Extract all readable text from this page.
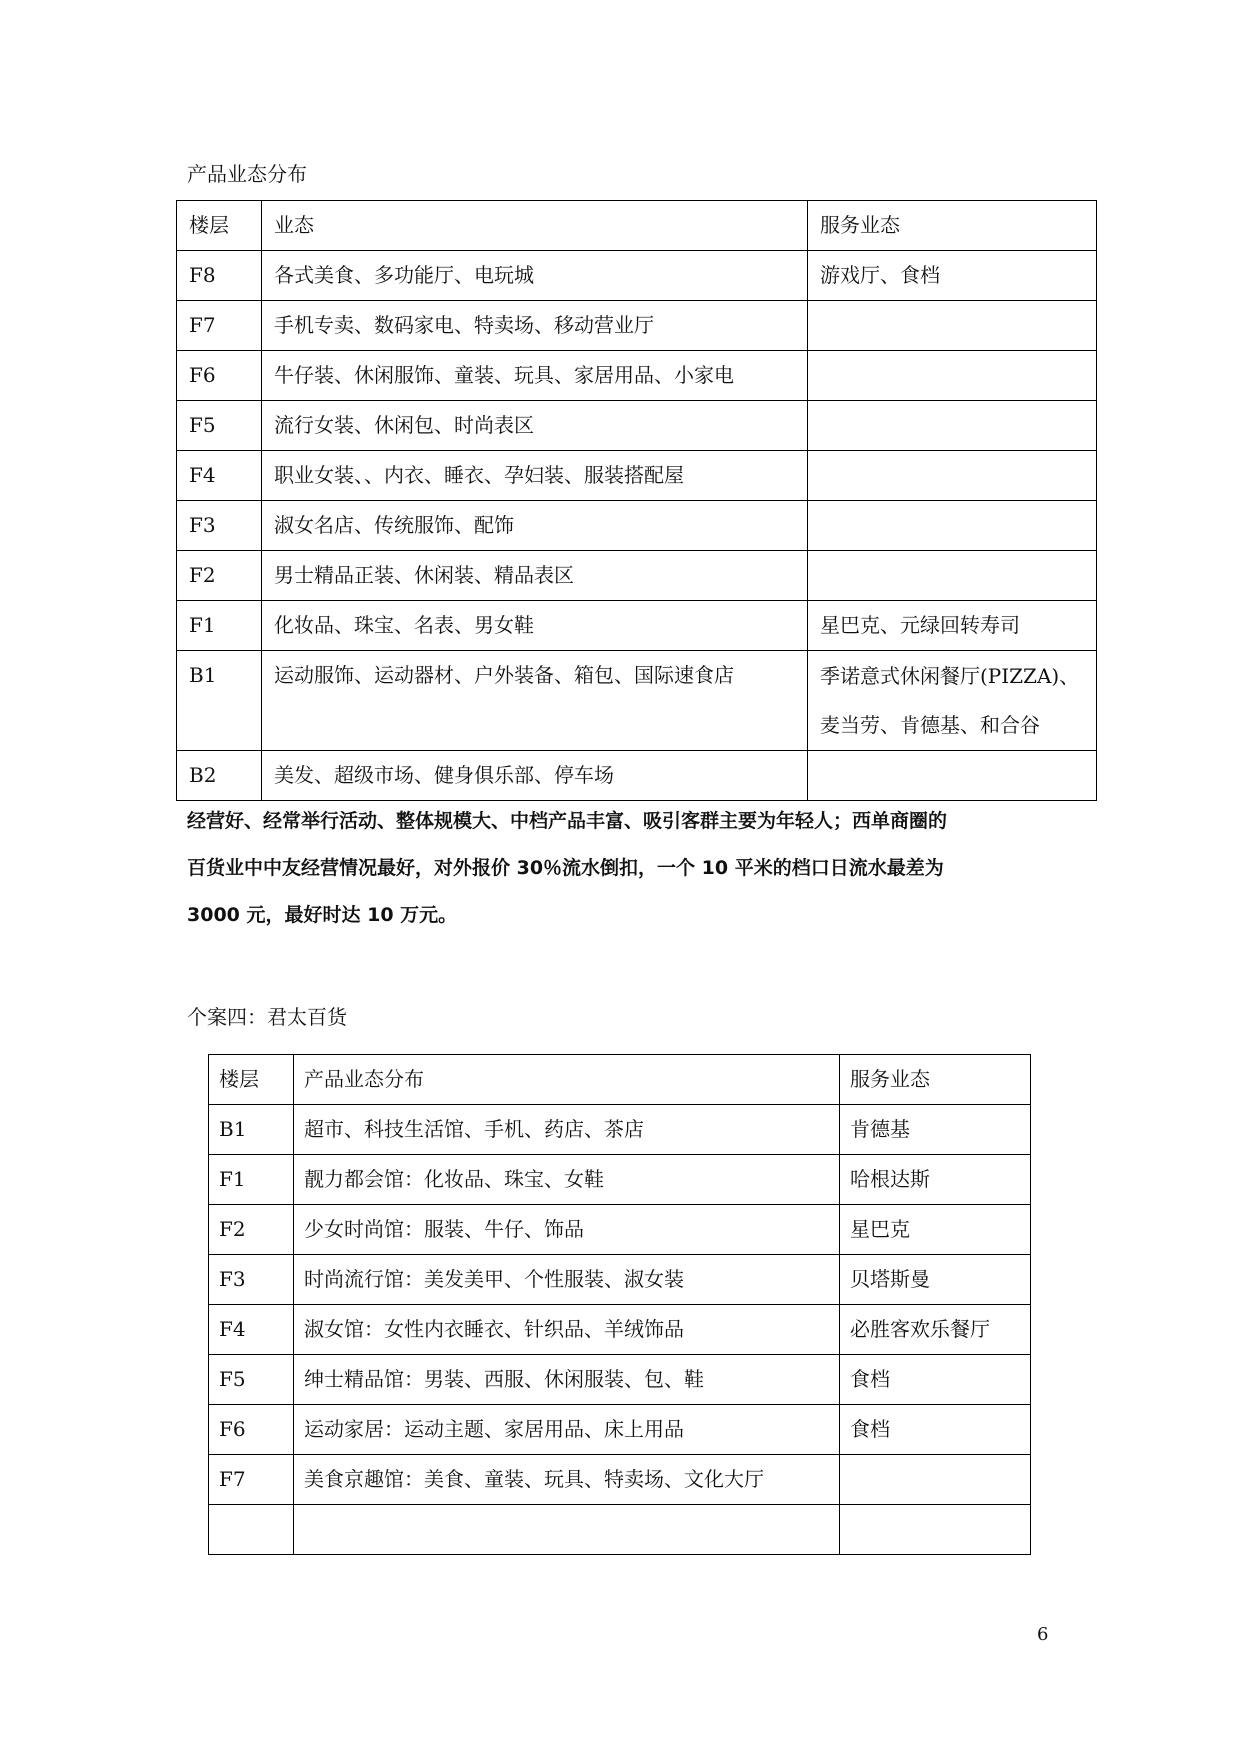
产品业态分布
楼层	业态	服务业态
F8	各式美食、多功能厅、电玩城	游戏厅、食档
F7	手机专卖、数码家电、特卖场、移动营业厅	
F6	牛仔装、休闲服饰、童装、玩具、家居用品、小家电	
F5	流行女装、休闲包、时尚表区	
F4	职业女装、、内衣、睡衣、孕妇装、服装搭配屋	
F3	淑女名店、传统服饰、配饰	
F2	男士精品正装、休闲装、精品表区	
F1	化妆品、珠宝、名表、男女鞋	星巴克、元绿回转寿司
B1	运动服饰、运动器材、户外装备、箱包、国际速食店	季诺意式休闲餐厅(PIZZA)、麦当劳、肯德基、和合谷
B2	美发、超级市场、健身俱乐部、停车场	

经营好、经常举行活动、整体规模大、中档产品丰富、吸引客群主要为年轻人；西单商圈的

百货业中中友经营情况最好，对外报价 30％流水倒扣，一个 10 平米的档口日流水最差为

3000 元，最好时达 10 万元。

个案四：君太百货
楼层	产品业态分布	服务业态
B1	超市、科技生活馆、手机、药店、茶店	肯德基
F1	靓力都会馆：化妆品、珠宝、女鞋	哈根达斯
F2	少女时尚馆：服装、牛仔、饰品	星巴克
F3	时尚流行馆：美发美甲、个性服装、淑女装	贝塔斯曼
F4	淑女馆：女性内衣睡衣、针织品、羊绒饰品	必胜客欢乐餐厅
F5	绅士精品馆：男装、西服、休闲服装、包、鞋	食档
F6	运动家居：运动主题、家居用品、床上用品	食档
F7	美食京趣馆：美食、童装、玩具、特卖场、文化大厅	

6
